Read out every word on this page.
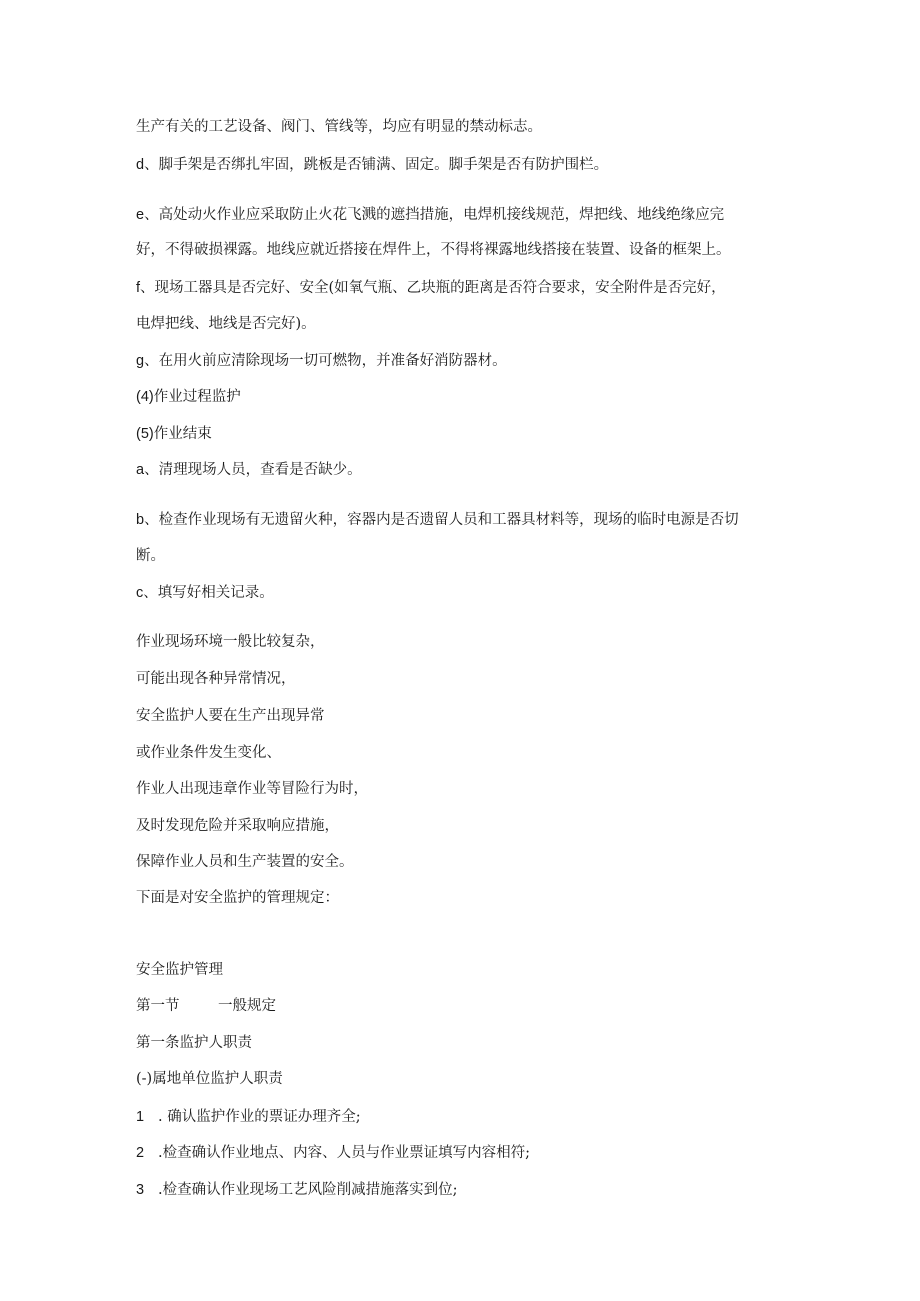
生产有关的工艺设备、阀门、管线等，均应有明显的禁动标志。
d、脚手架是否绑扎牢固，跳板是否铺满、固定。脚手架是否有防护围栏。
e、高处动火作业应采取防止火花飞溅的遮挡措施，电焊机接线规范，焊把线、地线绝缘应完
好，不得破损裸露。地线应就近搭接在焊件上，不得将裸露地线搭接在装置、设备的框架上。
f、现场工器具是否完好、安全(如氧气瓶、乙块瓶的距离是否符合要求，安全附件是否完好，
电焊把线、地线是否完好)。
g、在用火前应清除现场一切可燃物，并准备好消防器材。
(4)作业过程监护
(5)作业结束
a、清理现场人员，查看是否缺少。
b、检查作业现场有无遗留火种，容器内是否遗留人员和工器具材料等，现场的临时电源是否切
断。
c、填写好相关记录。
作业现场环境一般比较复杂，
可能出现各种异常情况，
安全监护人要在生产出现异常
或作业条件发生变化、
作业人出现违章作业等冒险行为时，
及时发现危险并采取响应措施，
保障作业人员和生产装置的安全。
下面是对安全监护的管理规定：
安全监护管理
第一节	一般规定
第一条监护人职责
(-)属地单位监护人职责
1 . 确认监护作业的票证办理齐全;
2 .检查确认作业地点、内容、人员与作业票证填写内容相符;
3 .检查确认作业现场工艺风险削减措施落实到位;
